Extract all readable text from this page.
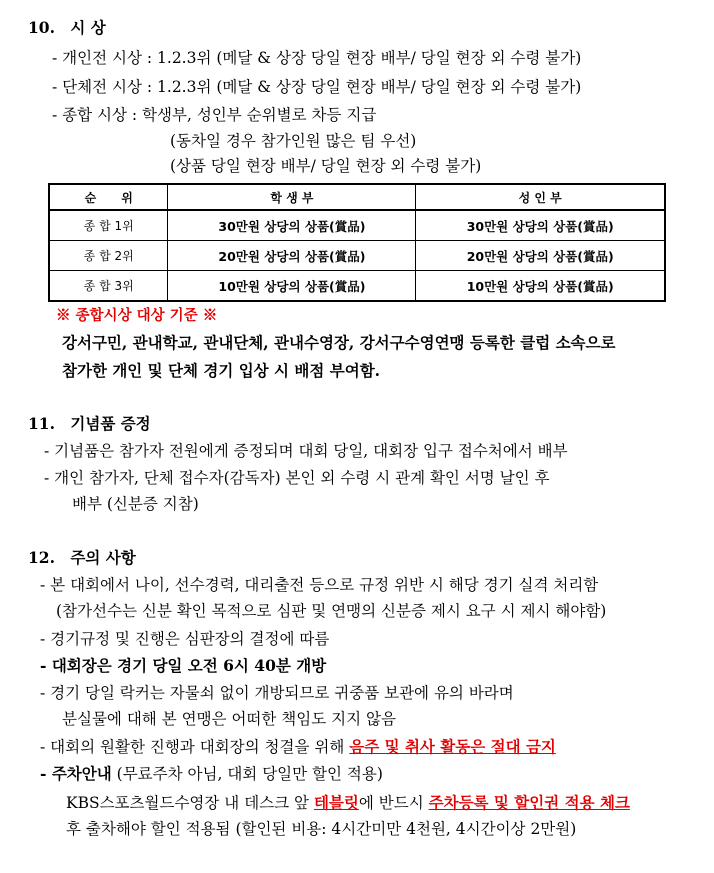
10. 시 상
- 개인전 시상 : 1.2.3위 (메달 & 상장 당일 현장 배부/ 당일 현장 외 수령 불가)
- 단체전 시상 : 1.2.3위 (메달 & 상장 당일 현장 배부/ 당일 현장 외 수령 불가)
- 종합 시상 : 학생부, 성인부 순위별로 차등 지급
(동차일 경우 참가인원 많은 팀 우선)
(상품 당일 현장 배부/ 당일 현장 외 수령 불가)
순      위	학 생 부	성 인 부
종 합 1위	30만원 상당의 상품(賞品)	30만원 상당의 상품(賞品)
종 합 2위	20만원 상당의 상품(賞品)	20만원 상당의 상품(賞品)
종 합 3위	10만원 상당의 상품(賞品)	10만원 상당의 상품(賞品)
※ 종합시상 대상 기준 ※
강서구민, 관내학교, 관내단체, 관내수영장, 강서구수영연맹 등록한 클럽 소속으로
참가한 개인 및 단체 경기 입상 시 배점 부여함.
11. 기념품 증정
- 기념품은 참가자 전원에게 증정되며 대회 당일, 대회장 입구 접수처에서 배부
- 개인 참가자, 단체 접수자(감독자) 본인 외 수령 시 관계 확인 서명 날인 후
배부 (신분증 지참)
12. 주의 사항
- 본 대회에서 나이, 선수경력, 대리출전 등으로 규정 위반 시 해당 경기 실격 처리함
(참가선수는 신분 확인 목적으로 심판 및 연맹의 신분증 제시 요구 시 제시 해야함)
- 경기규정 및 진행은 심판장의 결정에 따름
- 대회장은 경기 당일 오전 6시 40분 개방
- 경기 당일 락커는 자물쇠 없이 개방되므로 귀중품 보관에 유의 바라며
분실물에 대해 본 연맹은 어떠한 책임도 지지 않음
- 대회의 원활한 진행과 대회장의 청결을 위해 음주 및 취사 활동은 절대 금지
- 주차안내 (무료주차 아님, 대회 당일만 할인 적용)
KBS스포츠월드수영장 내 데스크 앞 테블릿에 반드시 주차등록 및 할인권 적용 체크
후 출차해야 할인 적용됨 (할인된 비용: 4시간미만 4천원, 4시간이상 2만원)
